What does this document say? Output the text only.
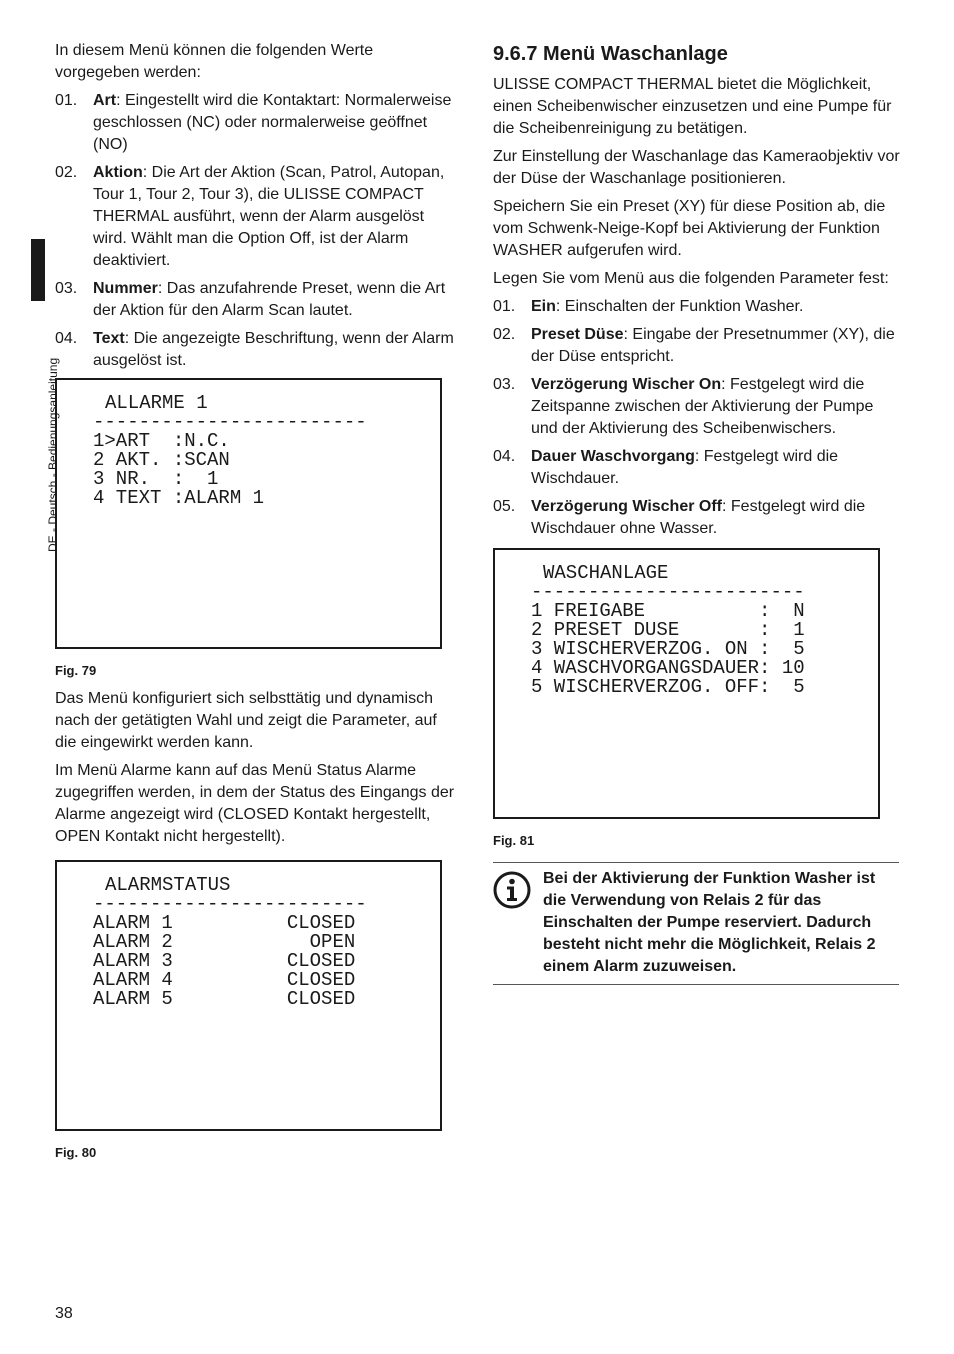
DE - Deutsch - Bedienungsanleitung

In diesem Menü können die folgenden Werte vorgegeben werden:

01. Art: Eingestellt wird die Kontaktart: Normalerweise geschlossen (NC) oder normalerweise geöffnet (NO)
02. Aktion: Die Art der Aktion (Scan, Patrol, Autopan, Tour 1, Tour 2, Tour 3), die ULISSE COMPACT THERMAL ausführt, wenn der Alarm ausgelöst wird. Wählt man die Option Off, ist der Alarm deaktiviert.
03. Nummer: Das anzufahrende Preset, wenn die Art der Aktion für den Alarm Scan lautet.
04. Text: Die angezeigte Beschriftung, wenn der Alarm ausgelöst ist.
ALLARME 1
------------------------
1>ART  :N.C.
2 AKT. :SCAN
3 NR.  :  1
4 TEXT :ALARM 1

Fig. 79

Das Menü konfiguriert sich selbsttätig und dynamisch nach der getätigten Wahl und zeigt die Parameter, auf die eingewirkt werden kann.

Im Menü Alarme kann auf das Menü Status Alarme zugegriffen werden, in dem der Status des Eingangs der Alarme angezeigt wird (CLOSED Kontakt hergestellt, OPEN Kontakt nicht hergestellt).

ALARMSTATUS
------------------------
ALARM 1          CLOSED
ALARM 2            OPEN
ALARM 3          CLOSED
ALARM 4          CLOSED
ALARM 5          CLOSED

Fig. 80

9.6.7 Menü Waschanlage

ULISSE COMPACT THERMAL bietet die Möglichkeit, einen Scheibenwischer einzusetzen und eine Pumpe für die Scheibenreinigung zu betätigen.

Zur Einstellung der Waschanlage das Kameraobjektiv vor der Düse der Waschanlage positionieren.

Speichern Sie ein Preset (XY) für diese Position ab, die vom Schwenk-Neige-Kopf bei Aktivierung der Funktion WASHER aufgerufen wird.

Legen Sie vom Menü aus die folgenden Parameter fest:

01. Ein: Einschalten der Funktion Washer.
02. Preset Düse: Eingabe der Presetnummer (XY), die der Düse entspricht.
03. Verzögerung Wischer On: Festgelegt wird die Zeitspanne zwischen der Aktivierung der Pumpe und der Aktivierung des Scheibenwischers.
04. Dauer Waschvorgang: Festgelegt wird die Wischdauer.
05. Verzögerung Wischer Off: Festgelegt wird die Wischdauer ohne Wasser.
WASCHANLAGE
------------------------
1 FREIGABE          :  N
2 PRESET DUSE       :  1
3 WISCHERVERZOG. ON :  5
4 WASCHVORGANGSDAUER: 10
5 WISCHERVERZOG. OFF:  5

Fig. 81

Bei der Aktivierung der Funktion Washer ist die Verwendung von Relais 2 für das Einschalten der Pumpe reserviert. Dadurch besteht nicht mehr die Möglichkeit, Relais 2 einem Alarm zuzuweisen.
38
